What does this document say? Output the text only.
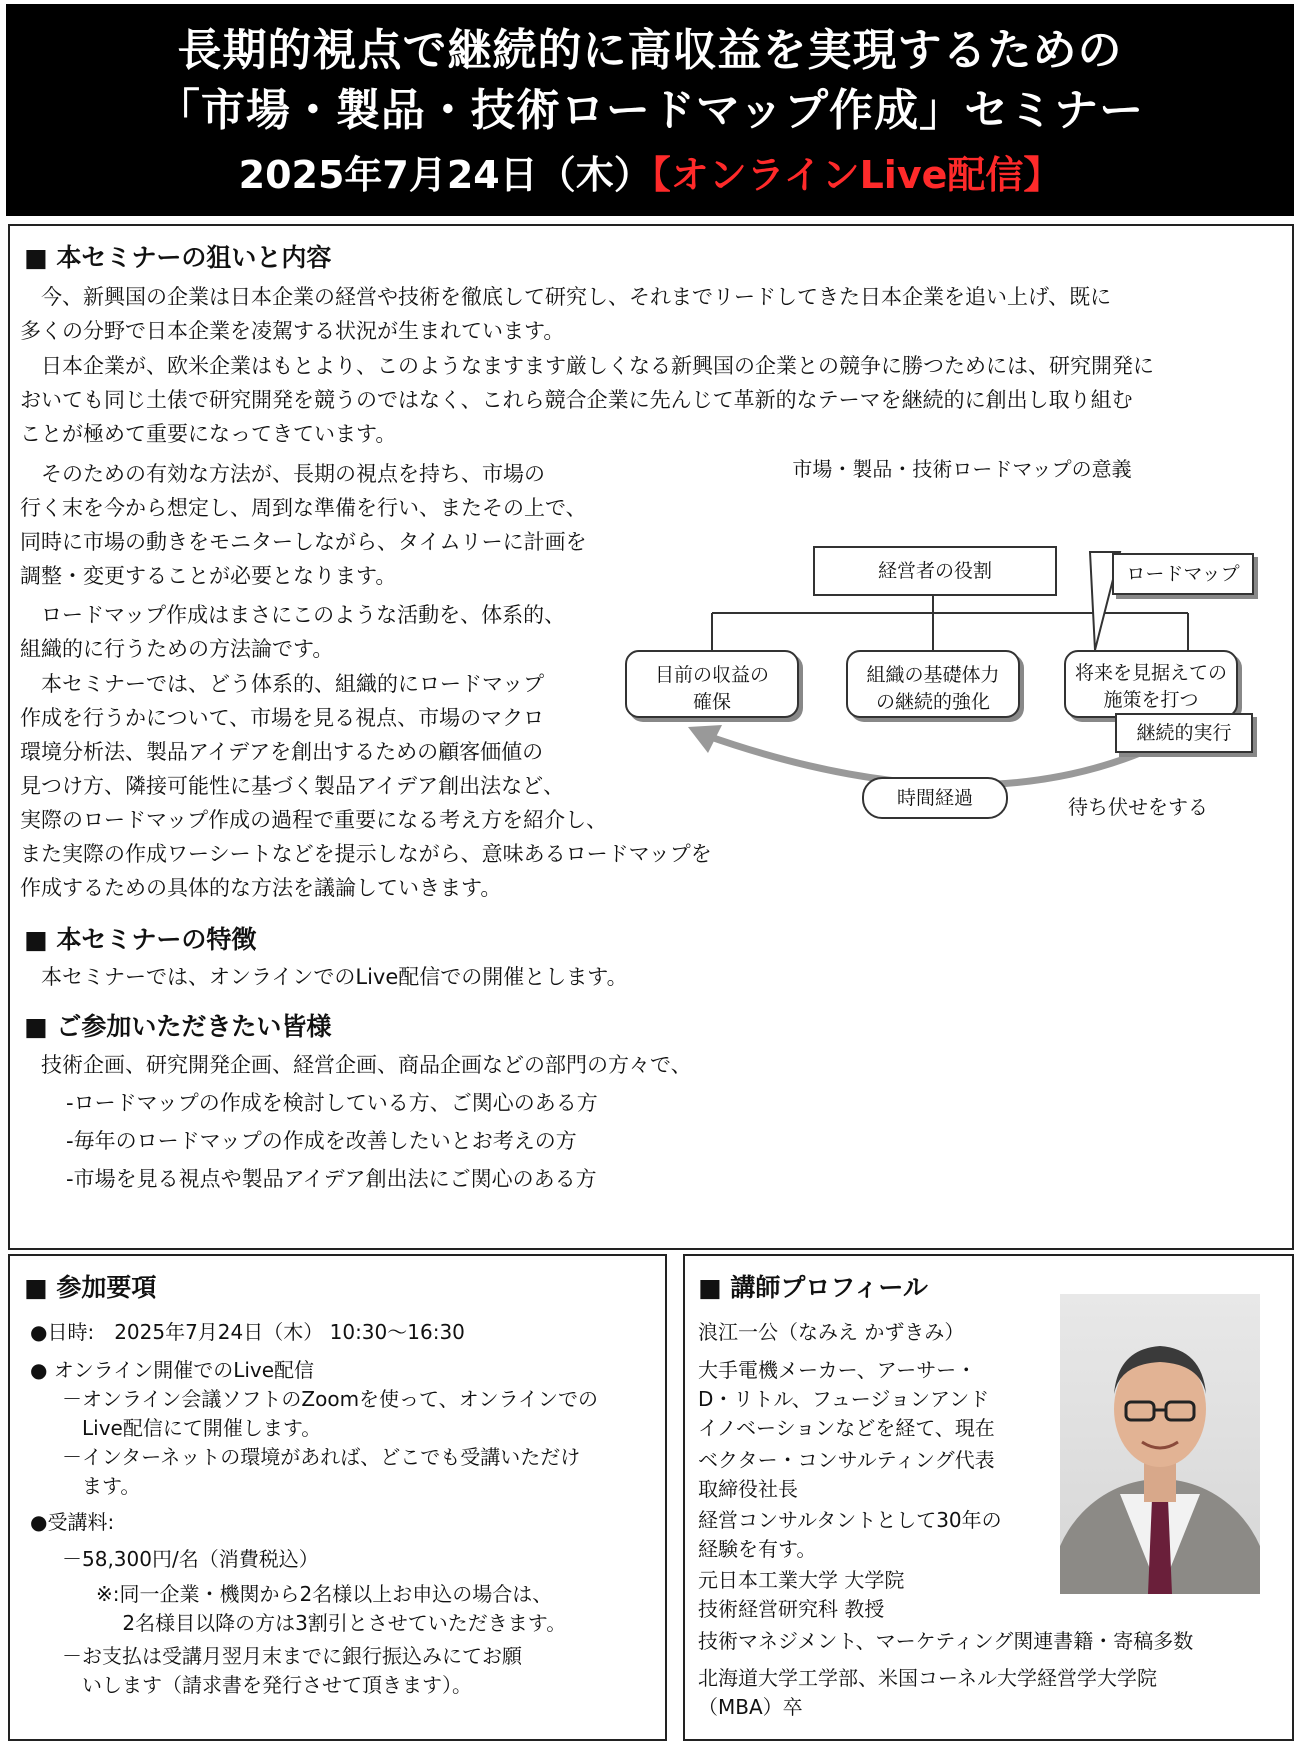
長期的視点で継続的に高収益を実現するための
「市場・製品・技術ロードマップ作成」セミナー
2025年7月24日（木）【オンラインLive配信】
■ 本セミナーの狙いと内容
　今、新興国の企業は日本企業の経営や技術を徹底して研究し、それまでリードしてきた日本企業を追い上げ、既に
多くの分野で日本企業を凌駕する状況が生まれています。
　日本企業が、欧米企業はもとより、このようなますます厳しくなる新興国の企業との競争に勝つためには、研究開発に
おいても同じ土俵で研究開発を競うのではなく、これら競合企業に先んじて革新的なテーマを継続的に創出し取り組む
ことが極めて重要になってきています。
　そのための有効な方法が、長期の視点を持ち、市場の
行く末を今から想定し、周到な準備を行い、またその上で、
同時に市場の動きをモニターしながら、タイムリーに計画を
調整・変更することが必要となります。
　ロードマップ作成はまさにこのような活動を、体系的、
組織的に行うための方法論です。
　本セミナーでは、どう体系的、組織的にロードマップ
作成を行うかについて、市場を見る視点、市場のマクロ
環境分析法、製品アイデアを創出するための顧客価値の
見つけ方、隣接可能性に基づく製品アイデア創出法など、
実際のロードマップ作成の過程で重要になる考え方を紹介し、
また実際の作成ワーシートなどを提示しながら、意味あるロードマップを
作成するための具体的な方法を議論していきます。
市場・製品・技術ロードマップの意義
経営者の役割	ロードマップ
目前の収益の
確保
組織の基礎体力
の継続的強化
将来を見据えての
施策を打つ
継続的実行
時間経過	待ち伏せをする
■ 本セミナーの特徴
　本セミナーでは、オンラインでのLive配信での開催とします。
■ ご参加いただきたい皆様
　技術企画、研究開発企画、経営企画、商品企画などの部門の方々で、
-ロードマップの作成を検討している方、ご関心のある方
-毎年のロードマップの作成を改善したいとお考えの方
-市場を見る視点や製品アイデア創出法にご関心のある方
■ 参加要項
●日時:　2025年7月24日（木） 10:30～16:30
● オンライン開催でのLive配信
－オンライン会議ソフトのZoomを使って、オンラインでの
　Live配信にて開催します。
－インターネットの環境があれば、どこでも受講いただけ
　ます。
●受講料:
－58,300円/名（消費税込）
※:同一企業・機関から2名様以上お申込の場合は、
　 2名様目以降の方は3割引とさせていただきます。
－お支払は受講月翌月末までに銀行振込みにてお願
　いします（請求書を発行させて頂きます）。
■ 講師プロフィール
浪江一公（なみえ かずきみ）
大手電機メーカー、アーサー・
D・リトル、フュージョンアンド
イノベーションなどを経て、現在
ベクター・コンサルティング代表
取締役社長
経営コンサルタントとして30年の
経験を有す。
元日本工業大学 大学院
技術経営研究科 教授
技術マネジメント、マーケティング関連書籍・寄稿多数
北海道大学工学部、米国コーネル大学経営学大学院
（MBA）卒
